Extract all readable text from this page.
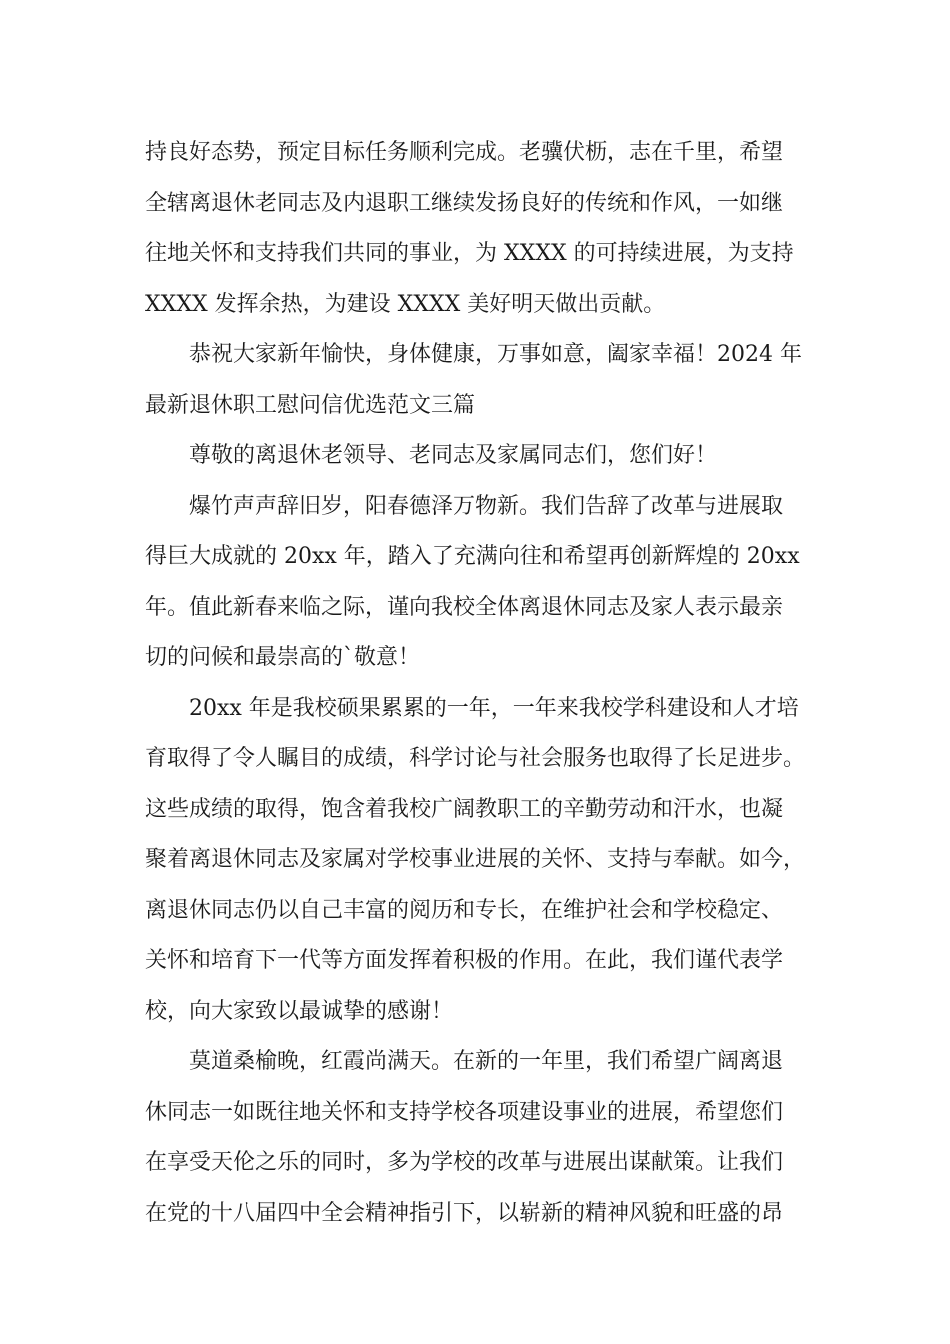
持良好态势，预定目标任务顺利完成。老骥伏枥，志在千里，希望
全辖离退休老同志及内退职工继续发扬良好的传统和作风，一如继
往地关怀和支持我们共同的事业，为 XXXX 的可持续进展，为支持
XXXX 发挥余热，为建设 XXXX 美好明天做出贡献。
恭祝大家新年愉快，身体健康，万事如意，阖家幸福！2024 年
最新退休职工慰问信优选范文三篇
尊敬的离退休老领导、老同志及家属同志们，您们好！
爆竹声声辞旧岁，阳春德泽万物新。我们告辞了改革与进展取
得巨大成就的 20xx 年，踏入了充满向往和希望再创新辉煌的 20xx
年。值此新春来临之际，谨向我校全体离退休同志及家人表示最亲
切的问候和最崇高的`敬意！
20xx 年是我校硕果累累的一年，一年来我校学科建设和人才培
育取得了令人瞩目的成绩，科学讨论与社会服务也取得了长足进步。
这些成绩的取得，饱含着我校广阔教职工的辛勤劳动和汗水，也凝
聚着离退休同志及家属对学校事业进展的关怀、支持与奉献。如今，
离退休同志仍以自己丰富的阅历和专长，在维护社会和学校稳定、
关怀和培育下一代等方面发挥着积极的作用。在此，我们谨代表学
校，向大家致以最诚挚的感谢！
莫道桑榆晚，红霞尚满天。在新的一年里，我们希望广阔离退
休同志一如既往地关怀和支持学校各项建设事业的进展，希望您们
在享受天伦之乐的同时，多为学校的改革与进展出谋献策。让我们
在党的十八届四中全会精神指引下，以崭新的精神风貌和旺盛的昂
